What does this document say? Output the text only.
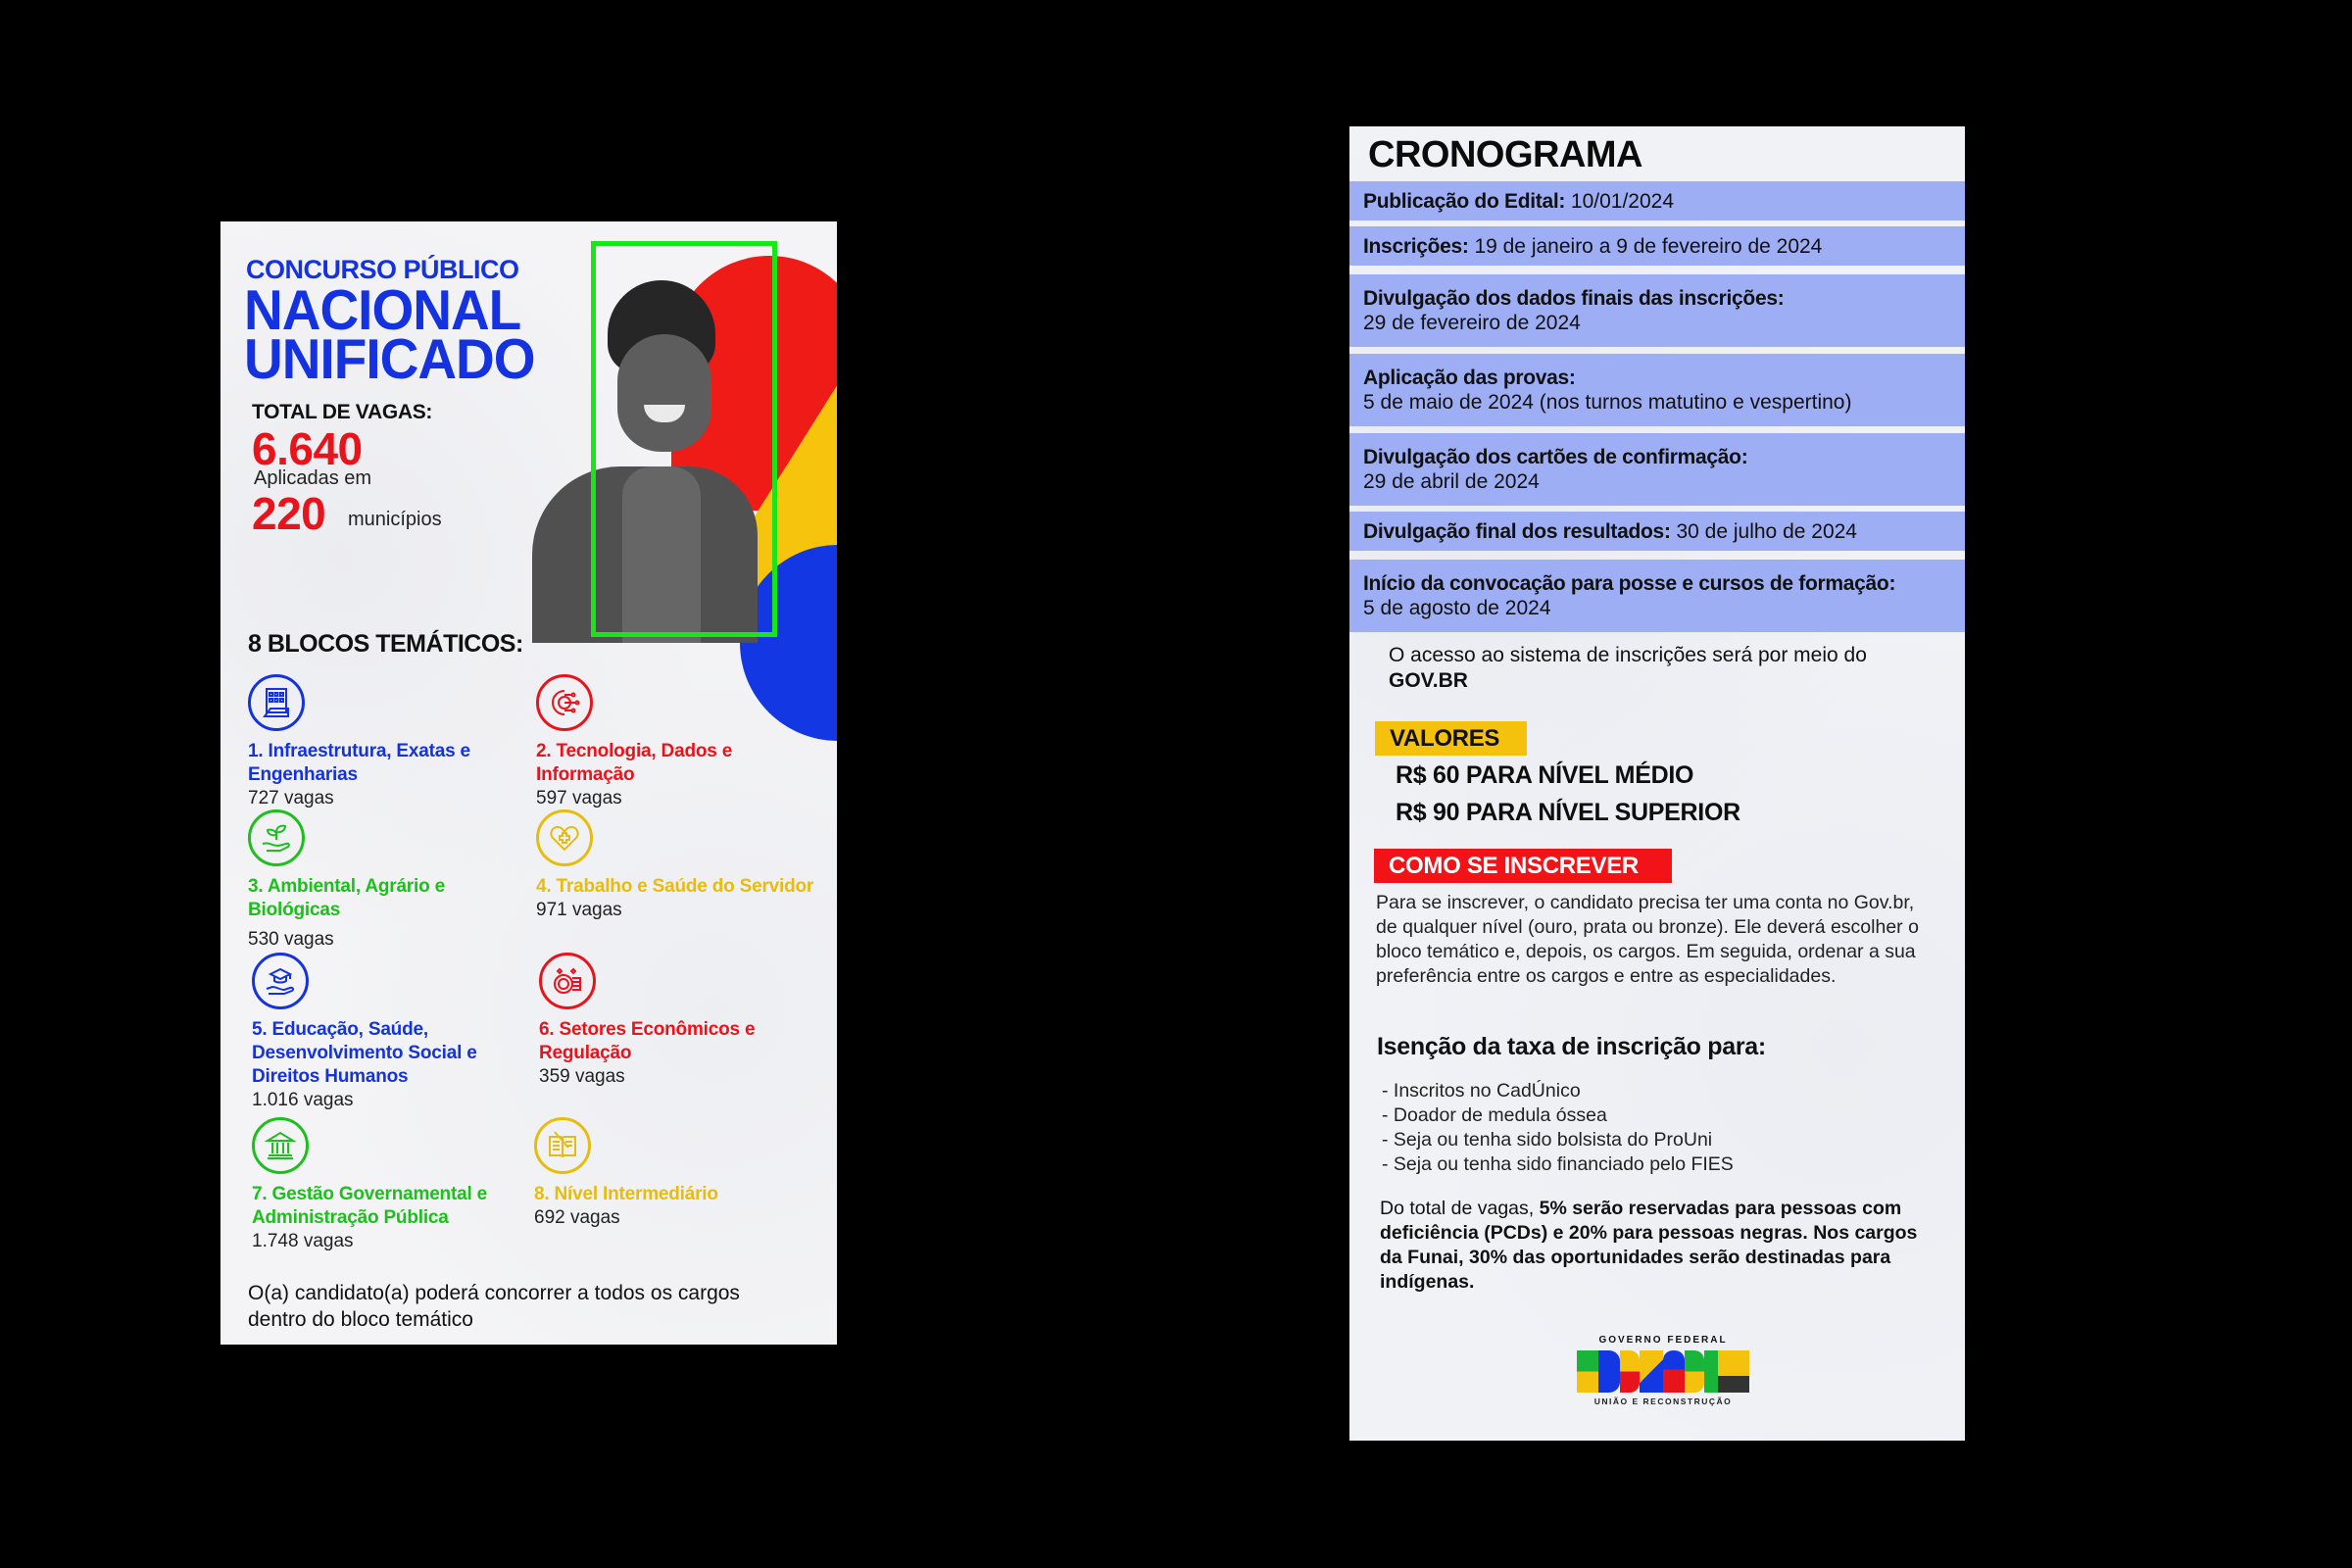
CONCURSO PÚBLICO
NACIONAL
UNIFICADO
TOTAL DE VAGAS:
6.640
Aplicadas em
220 municípios
8 BLOCOS TEMÁTICOS:
1. Infraestrutura, Exatas e Engenharias
727 vagas
2. Tecnologia, Dados e Informação
597 vagas
3. Ambiental, Agrário e Biológicas
530 vagas
4. Trabalho e Saúde do Servidor
971 vagas
5. Educação, Saúde, Desenvolvimento Social e Direitos Humanos
1.016 vagas
6. Setores Econômicos e Regulação
359 vagas
7. Gestão Governamental e Administração Pública
1.748 vagas
8. Nível Intermediário
692 vagas
O(a) candidato(a) poderá concorrer a todos os cargos dentro do bloco temático
CRONOGRAMA
Publicação do Edital: 10/01/2024
Inscrições: 19 de janeiro a 9 de fevereiro de 2024
Divulgação dos dados finais das inscrições:
29 de fevereiro de 2024
Aplicação das provas:
5 de maio de 2024 (nos turnos matutino e vespertino)
Divulgação dos cartões de confirmação:
29 de abril de 2024
Divulgação final dos resultados: 30 de julho de 2024
Início da convocação para posse e cursos de formação:
5 de agosto de 2024
O acesso ao sistema de inscrições será por meio do GOV.BR
VALORES
R$ 60 PARA NÍVEL MÉDIO
R$ 90 PARA NÍVEL SUPERIOR
COMO SE INSCREVER
Para se inscrever, o candidato precisa ter uma conta no Gov.br, de qualquer nível (ouro, prata ou bronze). Ele deverá escolher o bloco temático e, depois, os cargos. Em seguida, ordenar a sua preferência entre os cargos e entre as especialidades.
Isenção da taxa de inscrição para:
- Inscritos no CadÚnico
- Doador de medula óssea
- Seja ou tenha sido bolsista do ProUni
- Seja ou tenha sido financiado pelo FIES
Do total de vagas, 5% serão reservadas para pessoas com deficiência (PCDs) e 20% para pessoas negras. Nos cargos da Funai, 30% das oportunidades serão destinadas para indígenas.
GOVERNO FEDERAL
UNIÃO E RECONSTRUÇÃO
